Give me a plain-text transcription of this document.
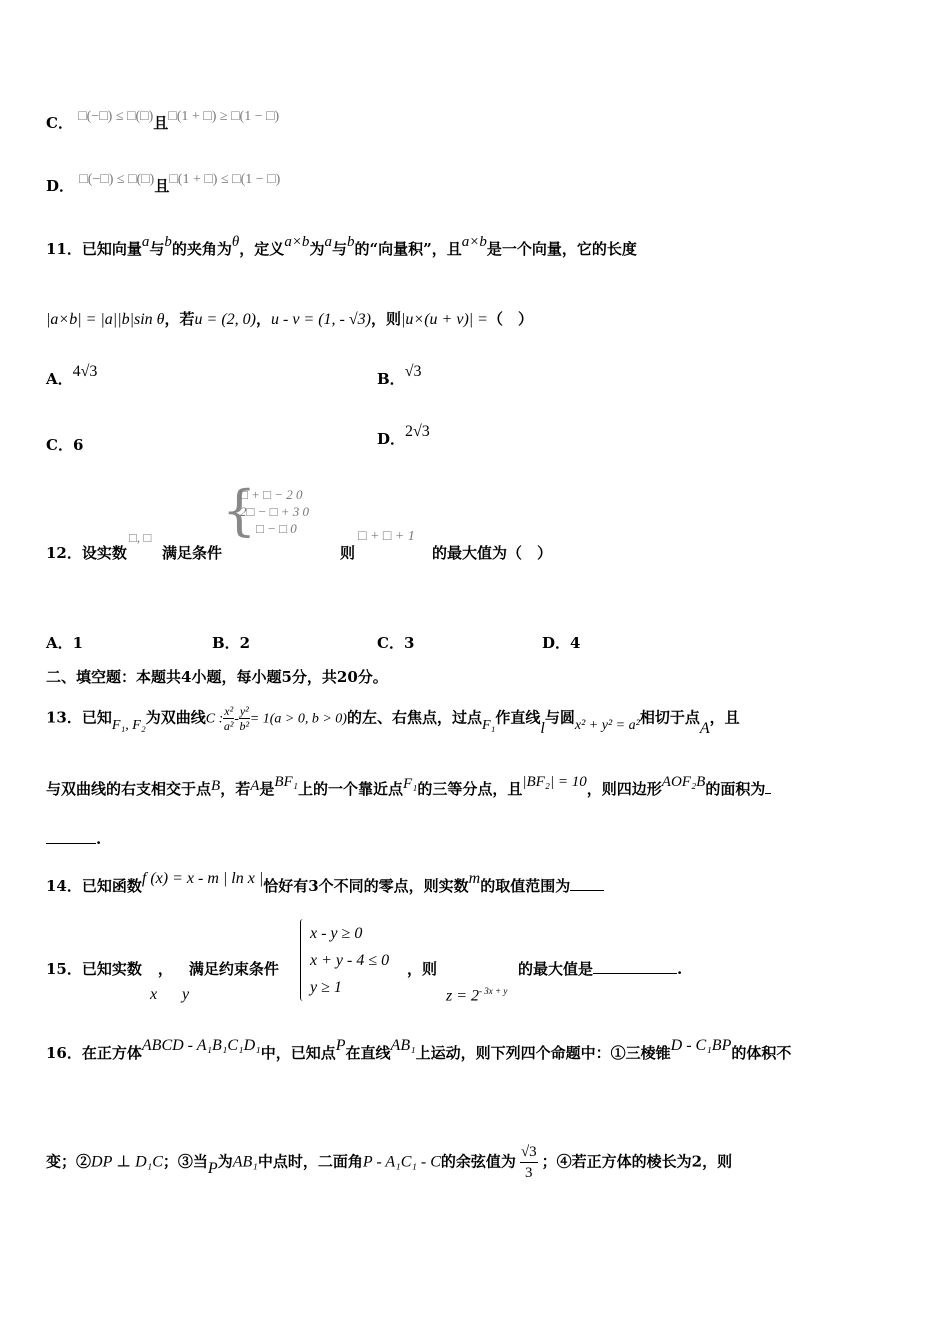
C． □(−□) ≤ □(□)且□(1 + □) ≥ □(1 − □)
D． □(−□) ≤ □(□)且□(1 + □) ≤ □(1 − □)
11．已知向量a与b的夹角为θ，定义a×b为a与b的“向量积”，且a×b是一个向量，它的长度
|a×b| = |a||b|sin θ，若u = (2, 0)，u - v = (1, - √3)，则|u×(u + v)| =（　）
A．4√3	B．√3
C．6	D．2√3
12．设实数
□, □
满足条件
{
□ + □ − 2 0
2□ − □ + 3 0
□ − □ 0
则
□ + □ + 1
的最大值为（　）
A．1	B．2	C．3	D．4
二、填空题：本题共4小题，每小题5分，共20分。
13．已知F₁, F₂为双曲线C : $\frac{\text{x²}}{\text{a²}} - \frac{\text{y²}}{\text{b²}} = 1(a > 0$, b > 0)的左、右焦点，过点F₁作直线l与圆x² + y² = a²相切于点A，且
与双曲线的右支相交于点B，若A是BF₁上的一个靠近点F₁的三等分点，且|BF₂| = 10，则四边形AOF₂B的面积为
.
14．已知函数f (x) = x - m | ln x |恰好有3个不同的零点，则实数m的取值范围为
15．已知实数 ， 满足约束条件
x y
x - y ≥ 0
x + y - 4 ≤ 0
y ≥ 1
，则
$z = 2^{- 3x + y}$
的最大值是	.
16．在正方体ABCD - A₁B₁C₁D₁中，已知点P在直线AB₁上运动，则下列四个命题中：①三棱锥D - C₁BP的体积不
变；②DP ⊥ D₁C；③当P为AB₁中点时，二面角P - A₁C₁ - C的余弦值为 $\frac{√3}{3}$ ；④若正方体的棱长为2，则
